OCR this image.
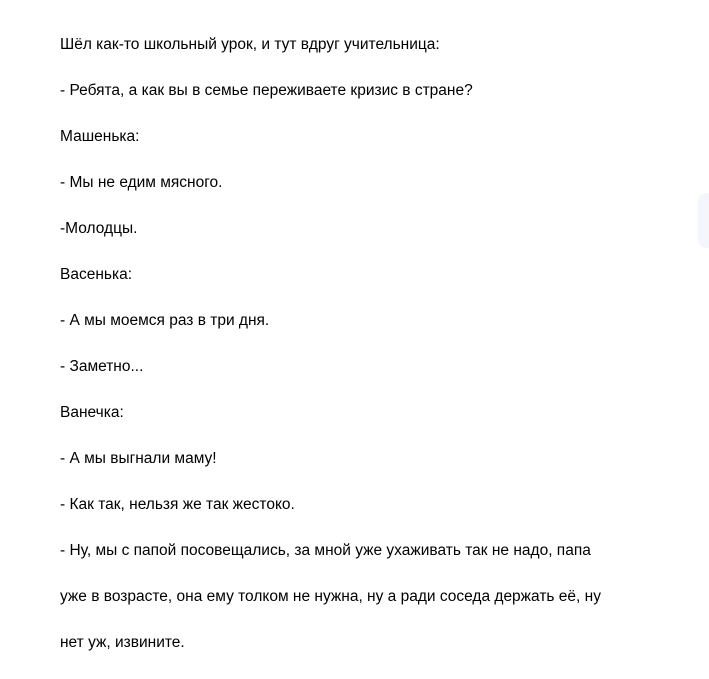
Шёл как-то школьный урок, и тут вдруг учительница:

- Ребята, а как вы в семье переживаете кризис в стране?

Машенька:

- Мы не едим мясного.

-Молодцы.

Васенька:

- А мы моемся раз в три дня.

- Заметно...

Ванечка:

- А мы выгнали маму!

- Как так, нельзя же так жестоко.

- Ну, мы с папой посовещались, за мной уже ухаживать так не надо, папа

уже в возрасте, она ему толком не нужна, ну а ради соседа держать её, ну

нет уж, извините.
